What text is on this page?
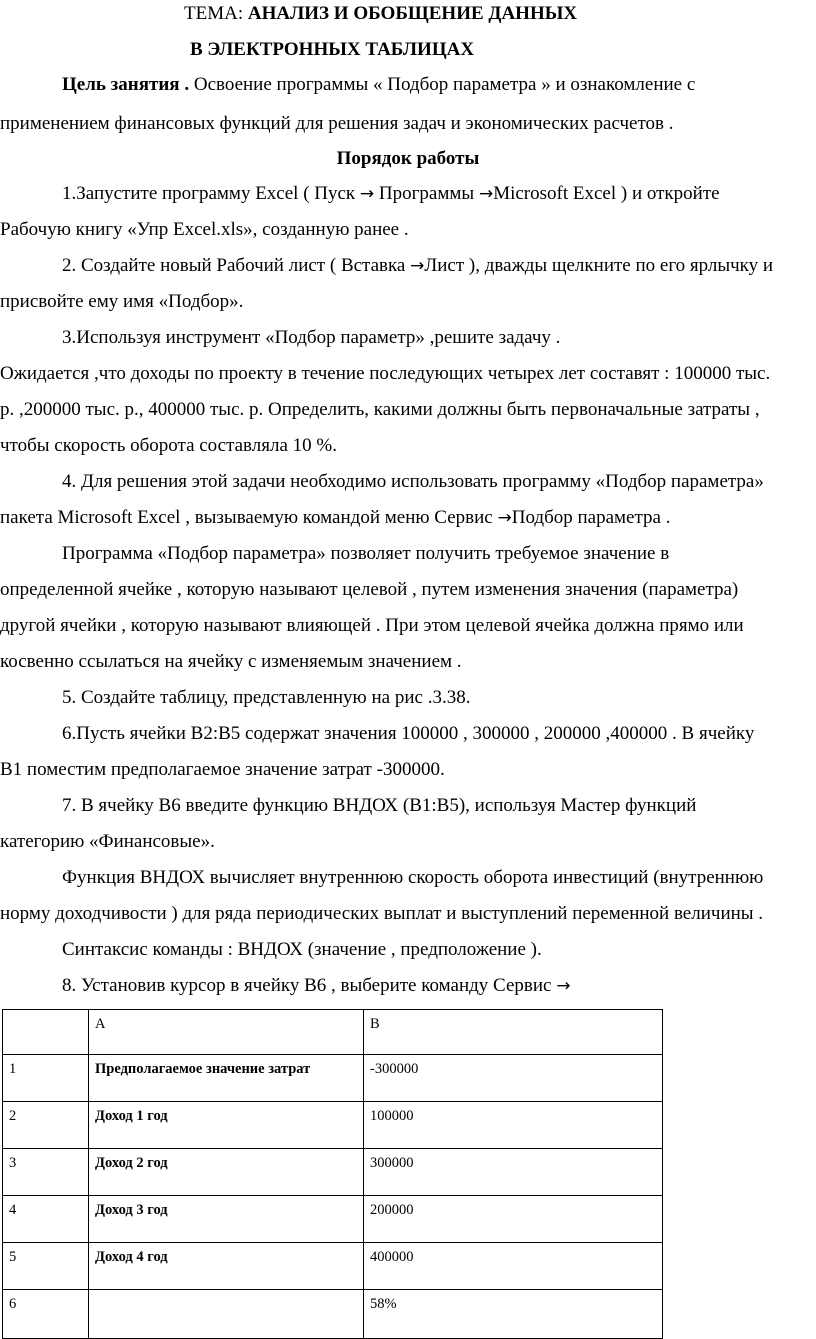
ТЕМА: АНАЛИЗ И ОБОБЩЕНИЕ ДАННЫХ

В ЭЛЕКТРОННЫХ ТАБЛИЦАХ

Цель занятия . Освоение программы « Подбор параметра » и ознакомление с

применением финансовых функций для решения задач и экономических расчетов .

Порядок работы

1.Запустите программу Excel ( Пуск → Программы →Microsoft Excel ) и откройте

Рабочую книгу «Упр Excel.xls», созданную ранее .

2. Создайте новый Рабочий лист ( Вставка →Лист ), дважды щелкните по его ярлычку и

присвойте ему имя «Подбор».

3.Используя инструмент «Подбор параметр» ,решите задачу .

Ожидается ,что доходы по проекту в течение последующих четырех лет составят : 100000 тыс.

р. ,200000 тыс. р., 400000 тыс. р. Определить, какими должны быть первоначальные затраты ,

чтобы скорость оборота составляла 10 %.

4. Для решения этой задачи необходимо использовать программу «Подбор параметра»

пакета Microsoft Excel , вызываемую командой меню Сервис →Подбор параметра .

Программа «Подбор параметра» позволяет получить требуемое значение в

определенной ячейке , которую называют целевой , путем изменения значения (параметра)

другой ячейки , которую называют влияющей . При этом целевой ячейка должна прямо или

косвенно ссылаться на ячейку с изменяемым значением .

5. Создайте таблицу, представленную на рис .3.38.

6.Пусть ячейки В2:В5 содержат значения 100000 , 300000 , 200000 ,400000 . В ячейку

В1 поместим предполагаемое значение затрат -300000.

7. В ячейку В6 введите функцию ВНДОХ (В1:В5), используя Мастер функций

категорию «Финансовые».

Функция ВНДОХ вычисляет внутреннюю скорость оборота инвестиций (внутреннюю

норму доходчивости ) для ряда периодических выплат и выступлений переменной величины .

Синтаксис команды : ВНДОХ (значение , предположение ).

8. Установив курсор в ячейку В6 , выберите команду Сервис →

	A	B
1	Предполагаемое значение затрат	-300000
2	Доход 1 год	100000
3	Доход 2 год	300000
4	Доход 3 год	200000
5	Доход 4 год	400000
6		58%
